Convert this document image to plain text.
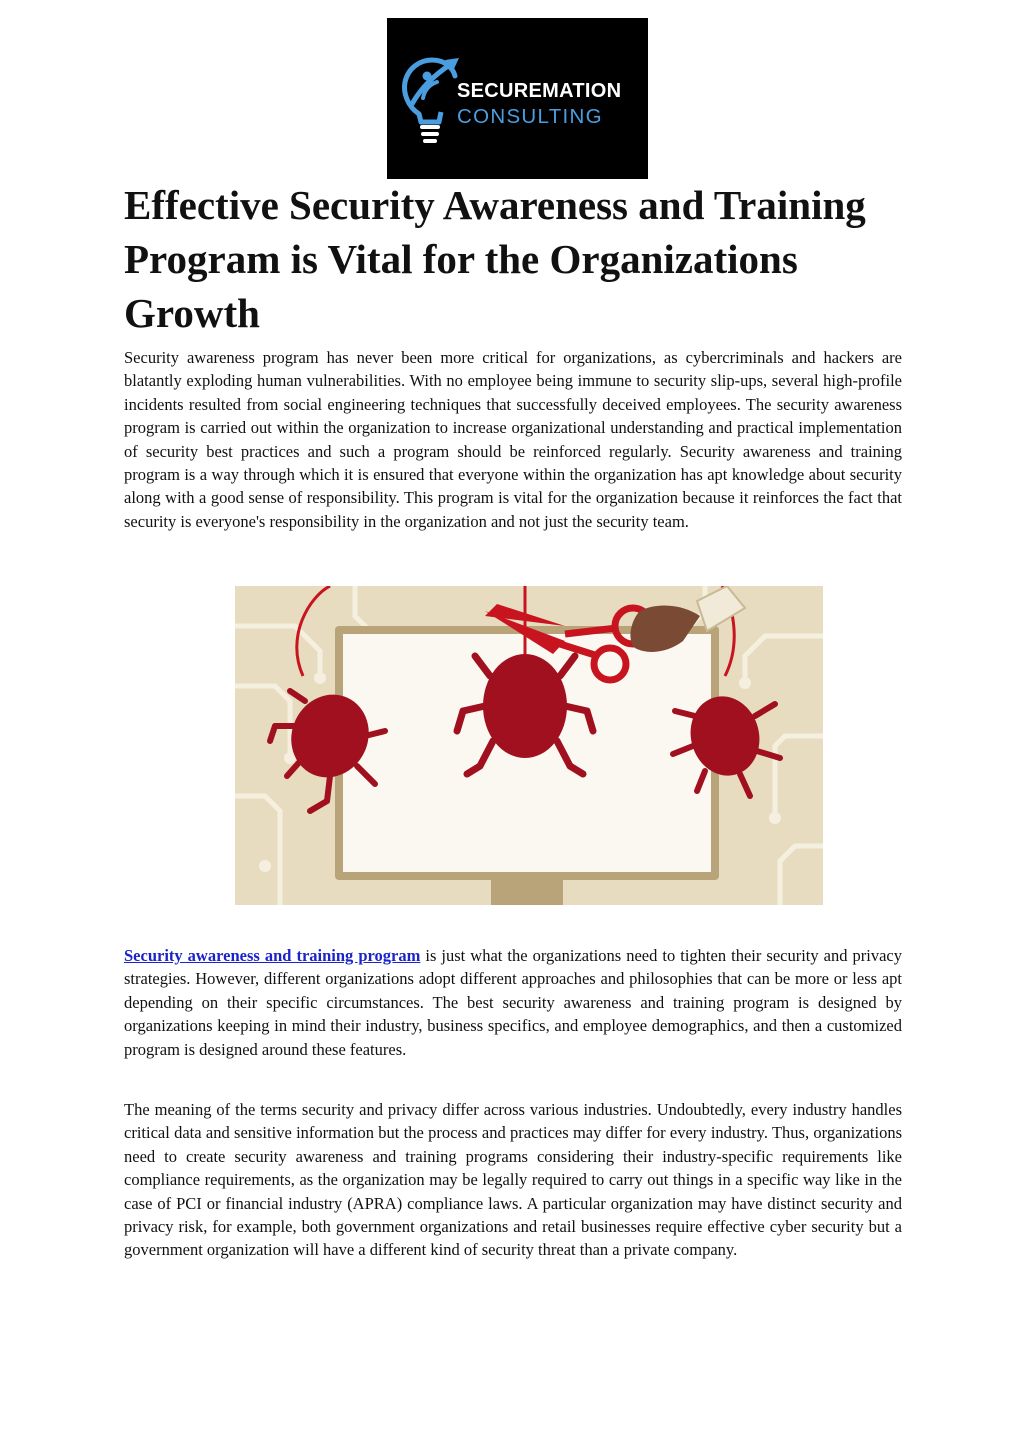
SECUREMATION
CONSULTING
Effective Security Awareness and Training Program is Vital for the Organizations Growth

Security awareness program has never been more critical for organizations, as cybercriminals and hackers are blatantly exploding human vulnerabilities. With no employee being immune to security slip-ups, several high-profile incidents resulted from social engineering techniques that successfully deceived employees. The security awareness program is carried out within the organization to increase organizational understanding and practical implementation of security best practices and such a program should be reinforced regularly. Security awareness and training program is a way through which it is ensured that everyone within the organization has apt knowledge about security along with a good sense of responsibility. This program is vital for the organization because it reinforces the fact that security is everyone's responsibility in the organization and not just the security team.

Security awareness and training program is just what the organizations need to tighten their security and privacy strategies. However, different organizations adopt different approaches and philosophies that can be more or less apt depending on their specific circumstances. The best security awareness and training program is designed by organizations keeping in mind their industry, business specifics, and employee demographics, and then a customized program is designed around these features.

The meaning of the terms security and privacy differ across various industries. Undoubtedly, every industry handles critical data and sensitive information but the process and practices may differ for every industry. Thus, organizations need to create security awareness and training programs considering their industry-specific requirements like compliance requirements, as the organization may be legally required to carry out things in a specific way like in the case of PCI or financial industry (APRA) compliance laws. A particular organization may have distinct security and privacy risk, for example, both government organizations and retail businesses require effective cyber security but a government organization will have a different kind of security threat than a private company.
